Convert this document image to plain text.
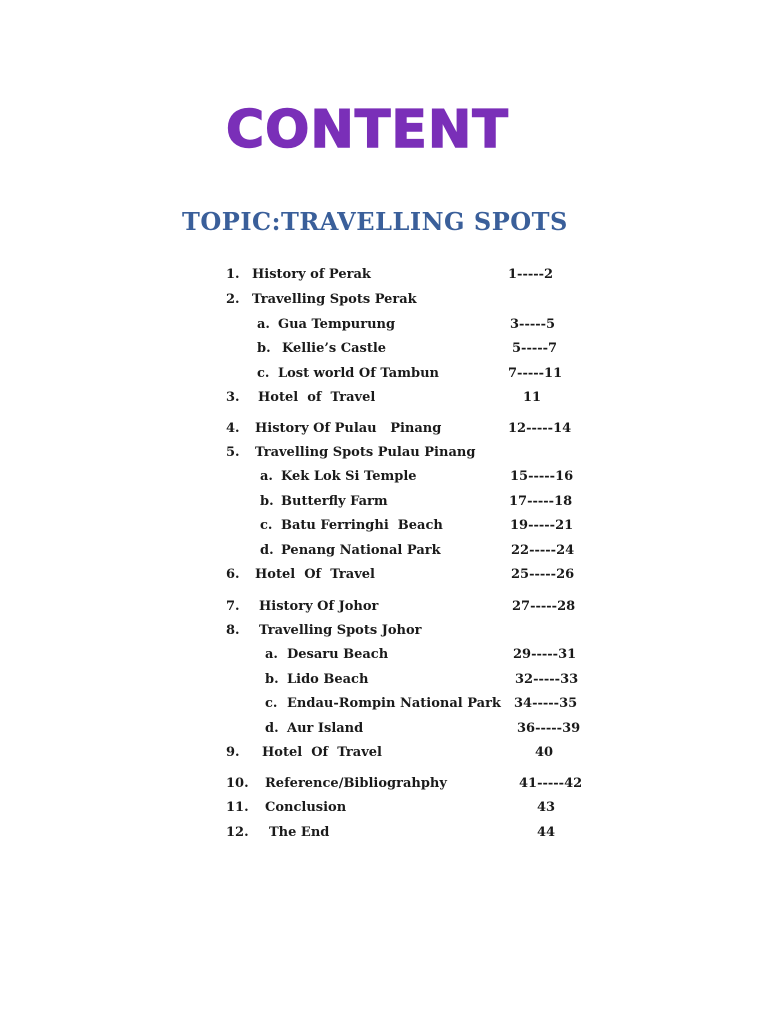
CONTENT
TOPIC:TRAVELLING SPOTS
1. History of Perak	1-----2
2. Travelling Spots Perak
a. Gua Tempurung	3-----5
b. Kellie’s Castle	5-----7
c. Lost world Of Tambun	7-----11
3. Hotel  of  Travel	11
4. History Of Pulau   Pinang	12-----14
5. Travelling Spots Pulau Pinang
a. Kek Lok Si Temple	15-----16
b. Butterfly Farm	17-----18
c. Batu Ferringhi  Beach	19-----21
d. Penang National Park	22-----24
6. Hotel  Of  Travel	25-----26
7. History Of Johor	27-----28
8. Travelling Spots Johor
a. Desaru Beach	29-----31
b. Lido Beach	32-----33
c. Endau-Rompin National Park 34-----35
d. Aur Island	36-----39
9. Hotel  Of  Travel	40
10. Reference/Bibliograhphy	41-----42
11. Conclusion	43
12. The End	44
